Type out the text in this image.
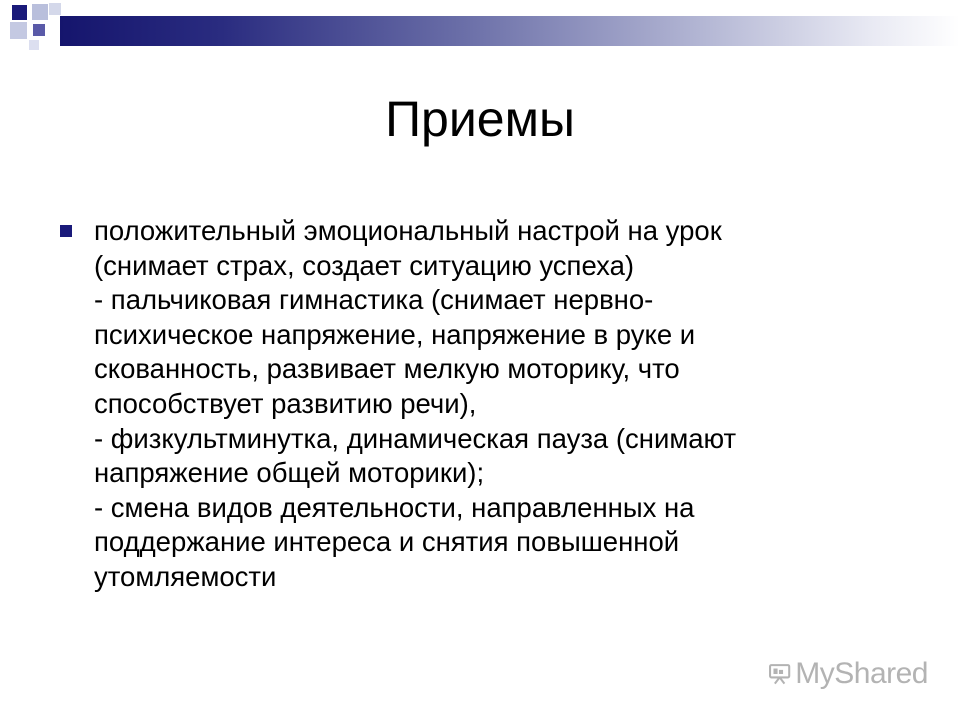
Приемы
положительный эмоциональный настрой на урок
(снимает страх, создает ситуацию успеха)
- пальчиковая гимнастика (снимает нервно-
психическое напряжение, напряжение в руке и
скованность, развивает мелкую моторику, что
способствует развитию речи),
- физкультминутка, динамическая пауза (снимают
напряжение общей моторики);
- смена видов деятельности, направленных на
поддержание интереса и снятия повышенной
утомляемости
MyShared
